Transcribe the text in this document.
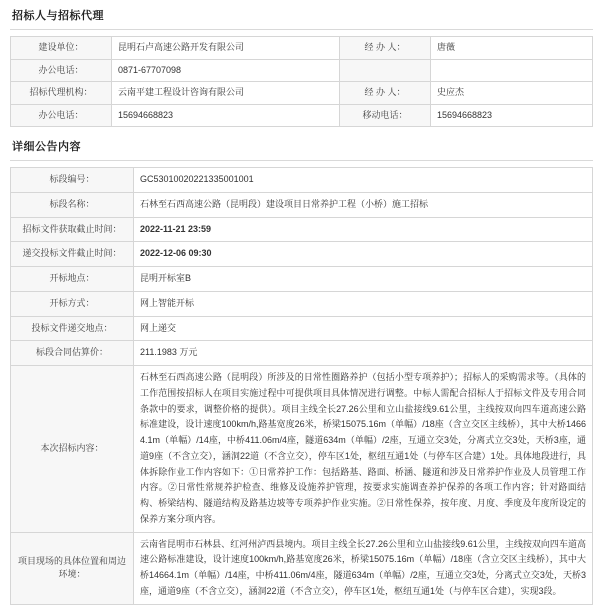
招标人与招标代理
建设单位：	昆明石卢高速公路开发有限公司	经 办 人：	唐薇
办公电话：	0871-67707098		
招标代理机构：	云南平建工程设计咨询有限公司	经 办 人：	史应杰
办公电话：	15694668823	移动电话：	15694668823
详细公告内容
标段编号：	GC53010020221335001001
标段名称：	石林至石西高速公路（昆明段）建设项目日常养护工程（小桥）施工招标
招标文件获取截止时间：	2022-11-21 23:59
递交投标文件截止时间：	2022-12-06 09:30
开标地点：	昆明开标室B
开标方式：	网上智能开标
投标文件递交地点：	网上递交
标段合同估算价：	211.1983 万元
本次招标内容：	石林至石西高速公路（昆明段）所涉及的日常性圈路养护（包括小型专项养护）；招标人的采购需求等。（具体的工作范围按招标人在项目实施过程中可提供项目具体情况进行调整。中标人需配合招标人于招标文件及专用合同条款中的要求，调整价格的提供）。项目主线全长27.26公里和立山盐接线9.61公里，主线按双向四车道高速公路标准建设，设计速度100km/h,路基宽度26米，桥梁15075.16m（单幅）/18座（含立交区主线桥），其中大桥14664.1m（单幅）/14座，中桥411.06m/4座，隧道634m（单幅）/2座，互通立交3处，分离式立交3处，天桥3座，通道9座（不含立交），涵洞22道（不含立交），停车区1处，枢纽互通1处（与停车区合建）1处。具体地段进行，具体拆除作业工作内容如下：①日常养护工作：包括路基、路面、桥涵、隧道和涉及日常养护作业及人员管理工作内容。②日常性常规养护检查、维修及设施养护管理，按要求实施调查养护保养的各项工作内容；针对路面结构、桥梁结构、隧道结构及路基边坡等专项养护作业实施。②日常性保养，按年度、月度、季度及年度所设定的保养方案分项内容。
项目现场的具体位置和周边环境：	云南省昆明市石林县、红河州泸西县境内。项目主线全长27.26公里和立山盐接线9.61公里，主线按双向四车道高速公路标准建设，设计速度100km/h,路基宽度26米，桥梁15075.16m（单幅）/18座（含立交区主线桥），其中大桥14664.1m（单幅）/14座，中桥411.06m/4座，隧道634m（单幅）/2座，互通立交3处，分离式立交3处，天桥3座，通道9座（不含立交），涵洞22道（不含立交），停车区1处，枢纽互通1处（与停车区合建），实现3段。
